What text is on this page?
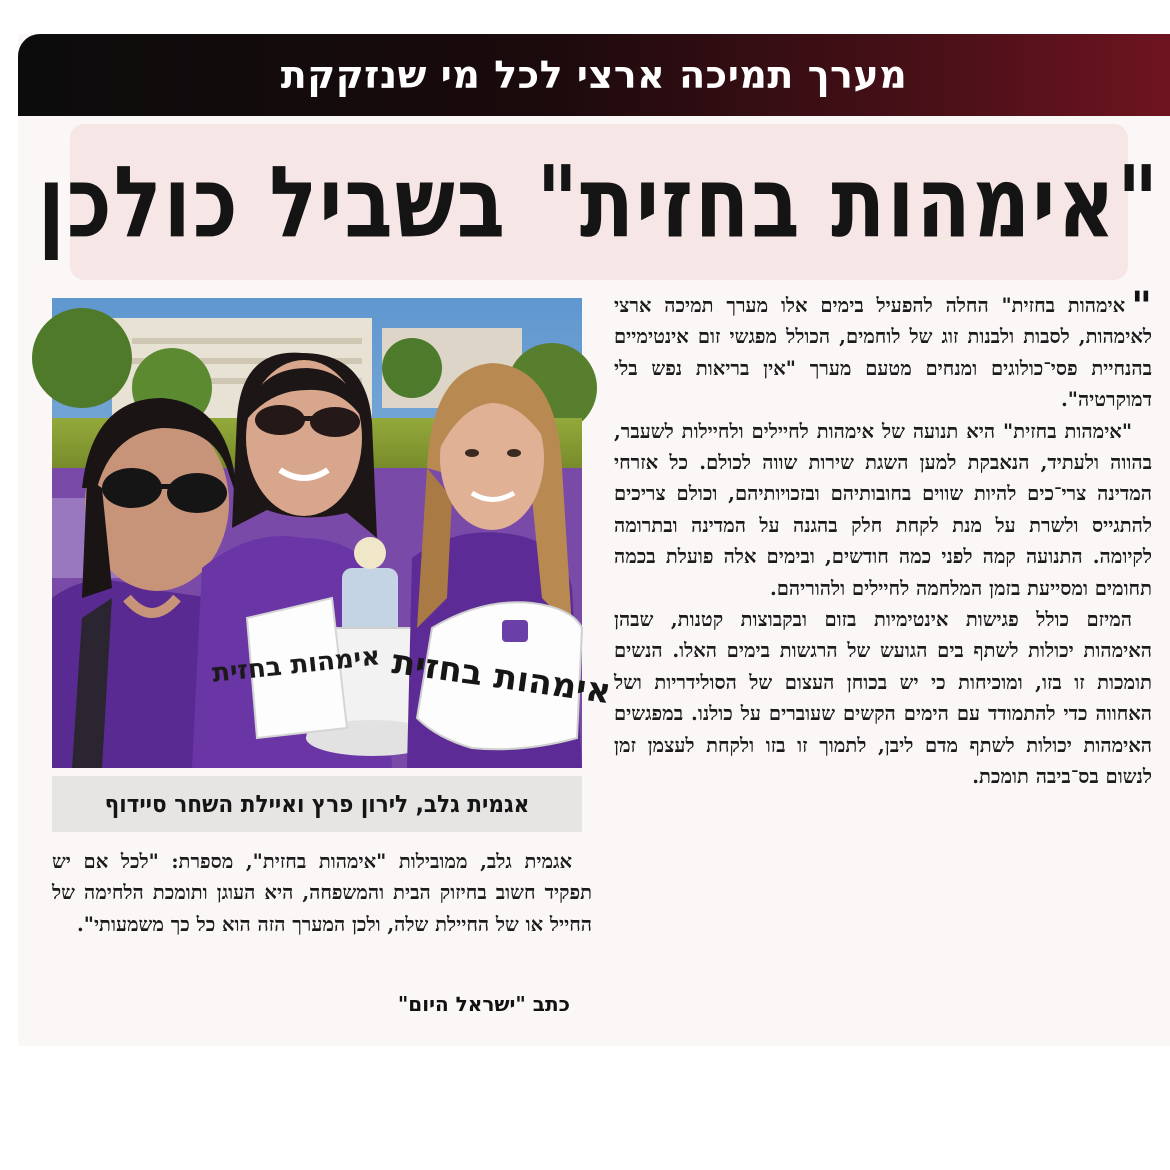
מערך תמיכה ארצי לכל מי שנזקקת
"אימהות בחזית" בשביל כולכן

"אימהות בחזית" החלה להפעיל בימים אלו מערך תמיכה ארצי לאימהות, לסבות ולבנות זוג של לוחמים, הכולל מפגשי זום אינטימיים בהנחיית פסי־כולוגים ומנחים מטעם מערך "אין בריאות נפש בלי דמוקרטיה".

"אימהות בחזית" היא תנועה של אימהות לחיילים ולחיילות לשעבר, בהווה ולעתיד, הנאבקת למען השגת שירות שווה לכולם. כל אזרחי המדינה צרי־כים להיות שווים בחובותיהם ובזכויותיהם, וכולם צריכים להתגייס ולשרת על מנת לקחת חלק בהגנה על המדינה ובתרומה לקיומה. התנועה קמה לפני כמה חודשים, ובימים אלה פועלת בכמה תחומים ומסייעת בזמן המלחמה לחיילים ולהוריהם.

המיזם כולל פגישות אינטימיות בזום ובקבוצות קטנות, שבהן האימהות יכולות לשתף בים הגועש של הרגשות בימים האלו. הנשים תומכות זו בזו, ומוכיחות כי יש בכוחן העצום של הסולידריות ושל האחווה כדי להתמודד עם הימים הקשים שעוברים על כולנו. במפגשים האימהות יכולות לשתף מדם ליבן, לתמוך זו בזו ולקחת לעצמן זמן לנשום בס־ביבה תומכת.

אימהות בחזית אימהות בחזית
אגמית גלב, לירון פרץ ואיילת השחר סיידוף

אגמית גלב, ממובילות "אימהות בחזית", מספרת: "לכל אם יש תפקיד חשוב בחיזוק הבית והמשפחה, היא העוגן ותומכת הלחימה של החייל או של החיילת שלה, ולכן המערך הזה הוא כל כך משמעותי".

כתב "ישראל היום"
